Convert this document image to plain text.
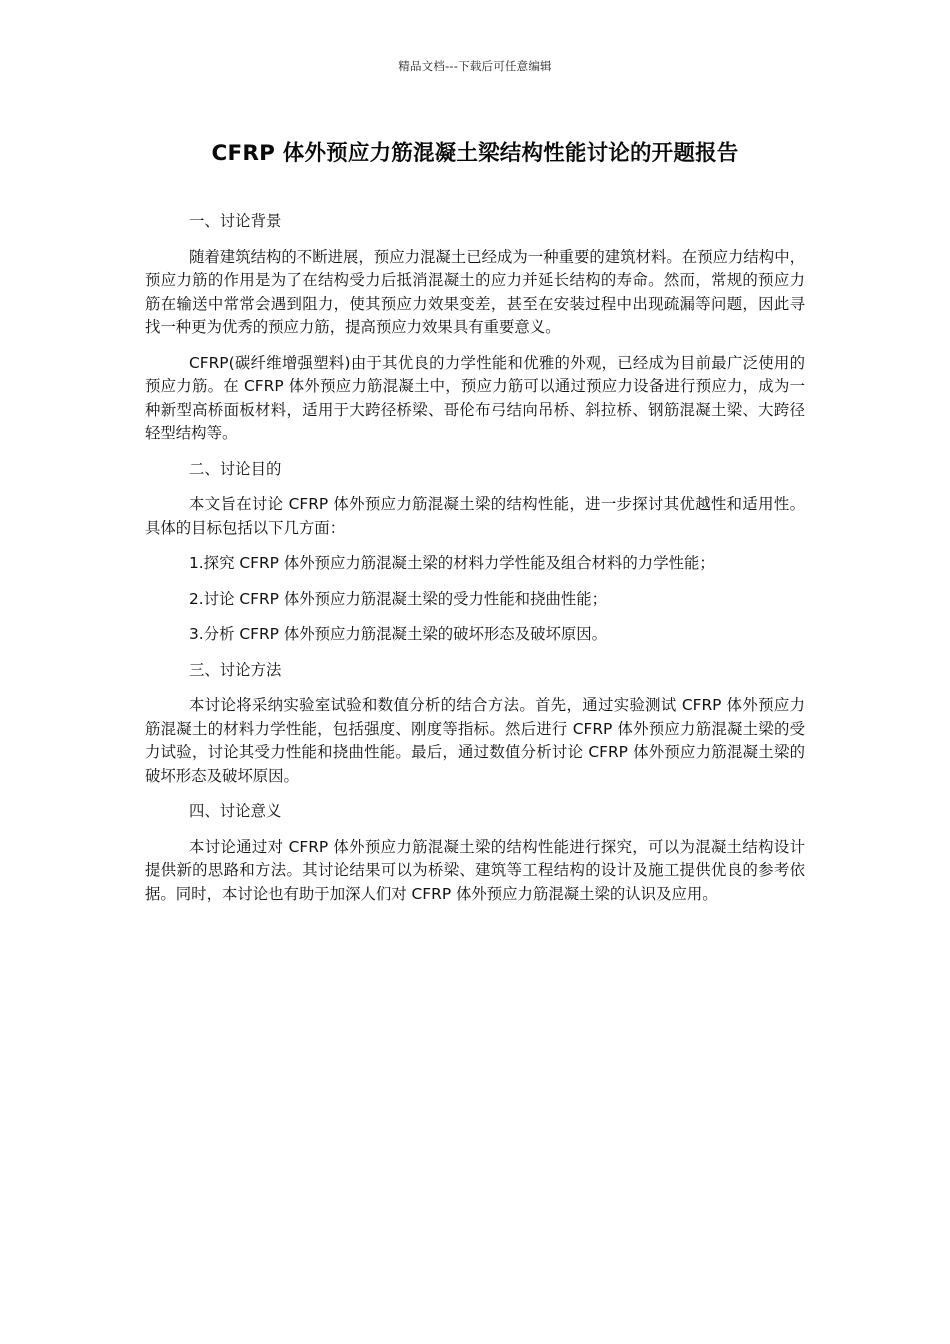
精品文档---下载后可任意编辑
CFRP 体外预应力筋混凝土梁结构性能讨论的开题报告

一、讨论背景

随着建筑结构的不断进展，预应力混凝土已经成为一种重要的建筑材料。在预应力结构中，预应力筋的作用是为了在结构受力后抵消混凝土的应力并延长结构的寿命。然而，常规的预应力筋在输送中常常会遇到阻力，使其预应力效果变差，甚至在安装过程中出现疏漏等问题，因此寻找一种更为优秀的预应力筋，提高预应力效果具有重要意义。

CFRP(碳纤维增强塑料)由于其优良的力学性能和优雅的外观，已经成为目前最广泛使用的预应力筋。在 CFRP 体外预应力筋混凝土中，预应力筋可以通过预应力设备进行预应力，成为一种新型高桥面板材料，适用于大跨径桥梁、哥伦布弓结向吊桥、斜拉桥、钢筋混凝土梁、大跨径轻型结构等。

二、讨论目的

本文旨在讨论 CFRP 体外预应力筋混凝土梁的结构性能，进一步探讨其优越性和适用性。具体的目标包括以下几方面：

1.探究 CFRP 体外预应力筋混凝土梁的材料力学性能及组合材料的力学性能；

2.讨论 CFRP 体外预应力筋混凝土梁的受力性能和挠曲性能；

3.分析 CFRP 体外预应力筋混凝土梁的破坏形态及破坏原因。

三、讨论方法

本讨论将采纳实验室试验和数值分析的结合方法。首先，通过实验测试 CFRP 体外预应力筋混凝土的材料力学性能，包括强度、刚度等指标。然后进行 CFRP 体外预应力筋混凝土梁的受力试验，讨论其受力性能和挠曲性能。最后，通过数值分析讨论 CFRP 体外预应力筋混凝土梁的破坏形态及破坏原因。

四、讨论意义

本讨论通过对 CFRP 体外预应力筋混凝土梁的结构性能进行探究，可以为混凝土结构设计提供新的思路和方法。其讨论结果可以为桥梁、建筑等工程结构的设计及施工提供优良的参考依据。同时，本讨论也有助于加深人们对 CFRP 体外预应力筋混凝土梁的认识及应用。
